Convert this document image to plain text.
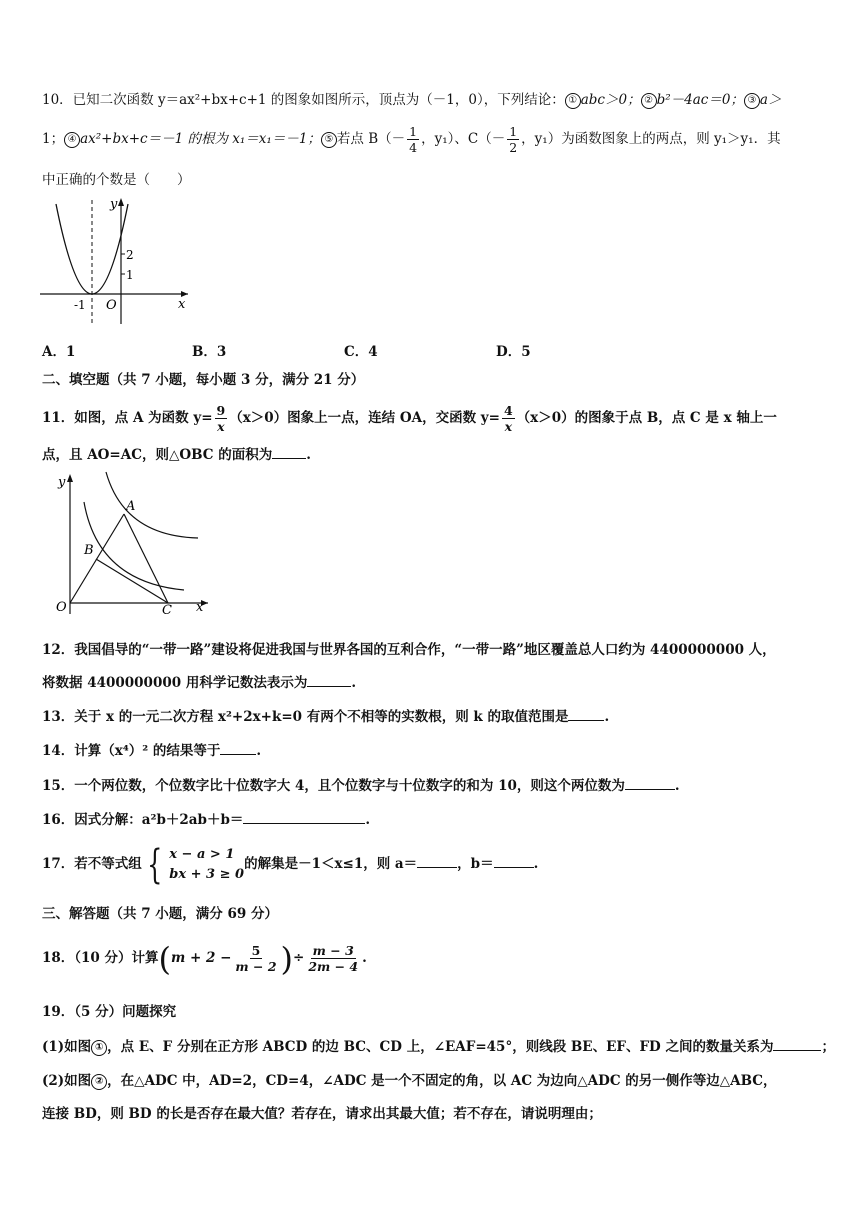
10．已知二次函数 y＝ax²+bx+c+1 的图象如图所示，顶点为（－1，0），下列结论： ① abc＞0； ② b²－4ac＝0； ③ a＞
1； ④ ax²+bx+c＝－1 的根为 x₁＝x₁＝－1； ⑤ 若点 $B(- \frac{1}{4}$ ，y₁）、$C(- \frac{1}{2}$ ，y₁）为函数图象上的两点，则 y₁＞y₁．其
中正确的个数是（　　）
y
x
O
-1
2
1
A．1	B．3	C．4	D．5
二、填空题（共 7 小题，每小题 3 分，满分 21 分）
11．如图，点 A 为函数 $y= \frac{9}{x} (x>0)$图象上一点，连结 OA，交函数 $y= \frac{4}{x} (x>0)$的图象于点 B，点 C 是 x 轴上一
点，且 AO=AC，则△OBC 的面积为	.
y
x
O
A
B
C
12．我国倡导的“一带一路”建设将促进我国与世界各国的互利合作，“一带一路”地区覆盖总人口约为 4400000000 人，
将数据 4400000000 用科学记数法表示为	.
13．关于 x 的一元二次方程 x²+2x+k=0 有两个不相等的实数根，则 k 的取值范围是	.
14．计算（x⁴）² 的结果等于	.
15．一个两位数，个位数字比十位数字大 4，且个位数字与十位数字的和为 10，则这个两位数为	.
16．因式分解：a²b＋2ab＋b＝	.
17．若不等式组 { x − a > 1
bx + 3 ≥ 0
的解集是－1＜x≤1，则 a＝	，b＝	.
三、解答题（共 7 小题，满分 69 分）
18．（10 分）计算($m + 2 - \frac{5}{m - 2}$ )÷ $\frac{m - 3}{2m - 4}$ .
19．（5 分）问题探究
(1)如图 ① ，点 E、F 分别在正方形 ABCD 的边 BC、CD 上，∠EAF=45°，则线段 BE、EF、FD 之间的数量关系为	；
(2)如图 ② ，在△ADC 中，AD=2，CD=4，∠ADC 是一个不固定的角，以 AC 为边向△ADC 的另一侧作等边△ABC，
连接 BD，则 BD 的长是否存在最大值？若存在，请求出其最大值；若不存在，请说明理由；
